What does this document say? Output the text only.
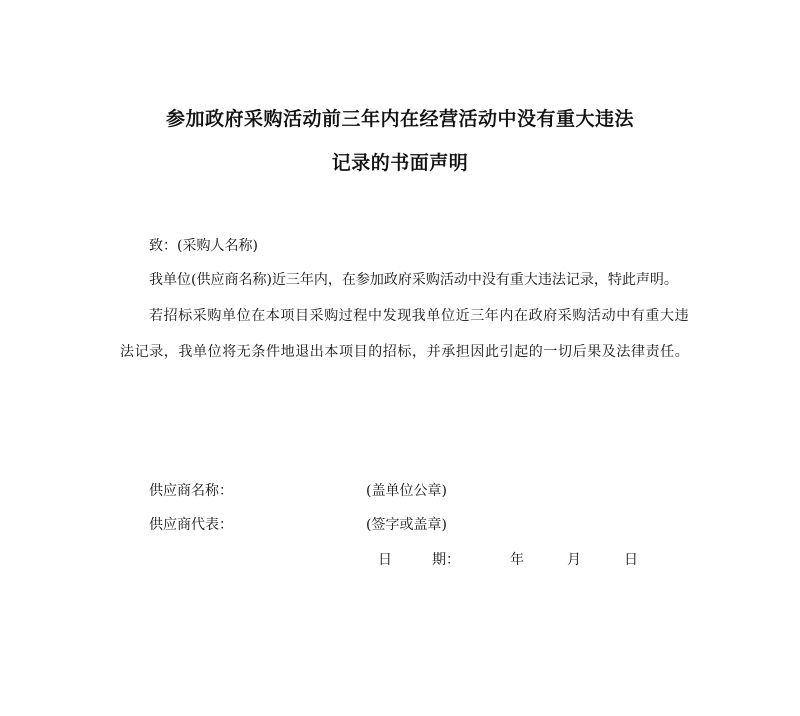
参加政府采购活动前三年内在经营活动中没有重大违法
记录的书面声明

致：(采购人名称)

我单位(供应商名称)近三年内，在参加政府采购活动中没有重大违法记录，特此声明。

若招标采购单位在本项目采购过程中发现我单位近三年内在政府采购活动中有重大违

法记录，我单位将无条件地退出本项目的招标，并承担因此引起的一切后果及法律责任。

供应商名称：	(盖单位公章)
供应商代表：	(签字或盖章)
日	期：	年	月	日
